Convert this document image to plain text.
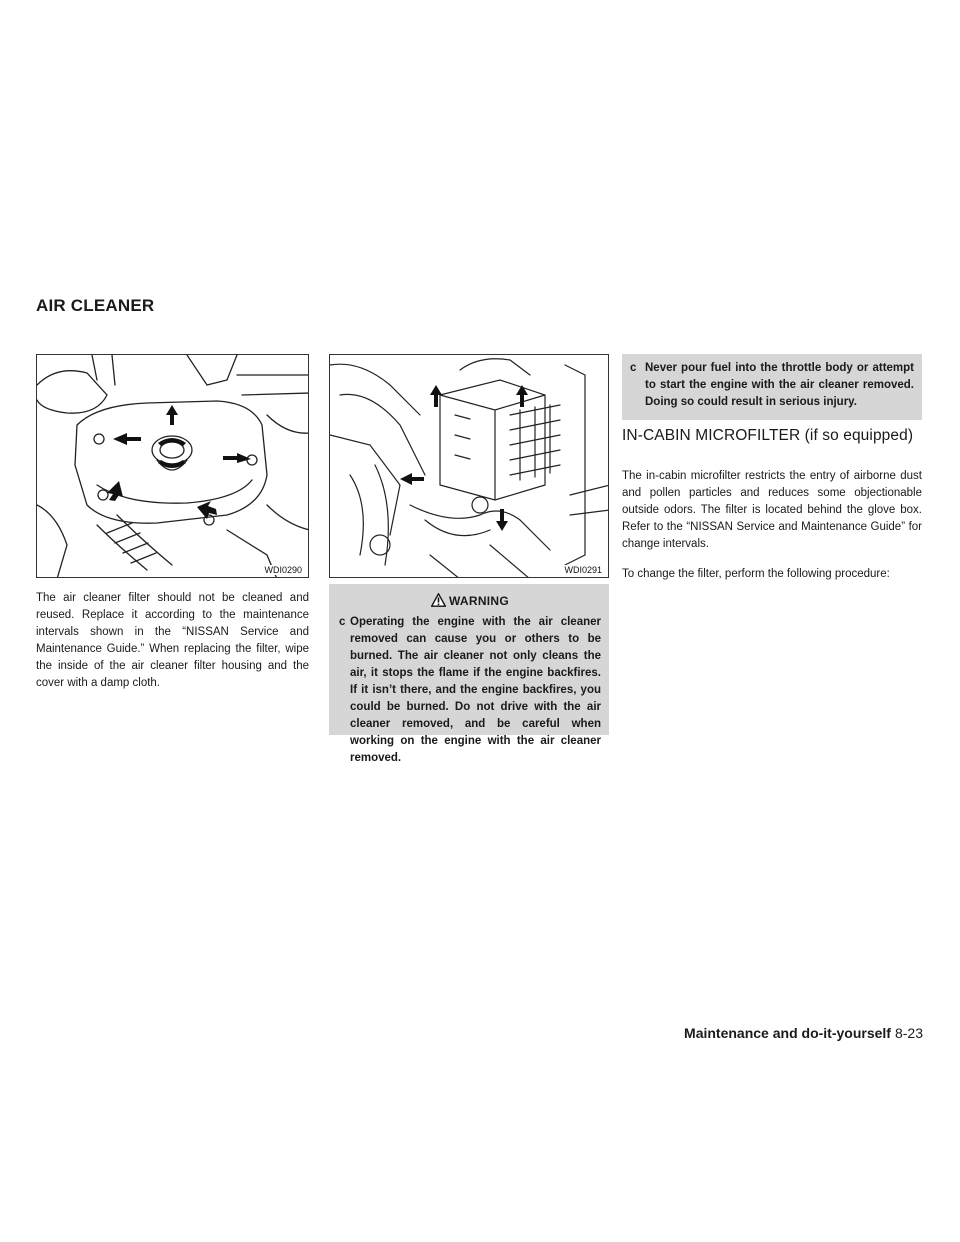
AIR CLEANER
WDI0290	WDI0291

The air cleaner filter should not be cleaned and reused. Replace it according to the maintenance intervals shown in the “NISSAN Service and Maintenance Guide.” When replacing the filter, wipe the inside of the air cleaner filter housing and the cover with a damp cloth.

WARNING
c Operating the engine with the air cleaner removed can cause you or others to be burned. The air cleaner not only cleans the air, it stops the flame if the engine backfires. If it isn’t there, and the engine backfires, you could be burned. Do not drive with the air cleaner removed, and be careful when working on the engine with the air cleaner removed.
c Never pour fuel into the throttle body or attempt to start the engine with the air cleaner removed. Doing so could result in serious injury.
IN-CABIN MICROFILTER (if so equipped)

The in-cabin microfilter restricts the entry of airborne dust and pollen particles and reduces some objectionable outside odors. The filter is located behind the glove box. Refer to the “NISSAN Service and Maintenance Guide” for change intervals.

To change the filter, perform the following procedure:

Maintenance and do-it-yourself 8-23
